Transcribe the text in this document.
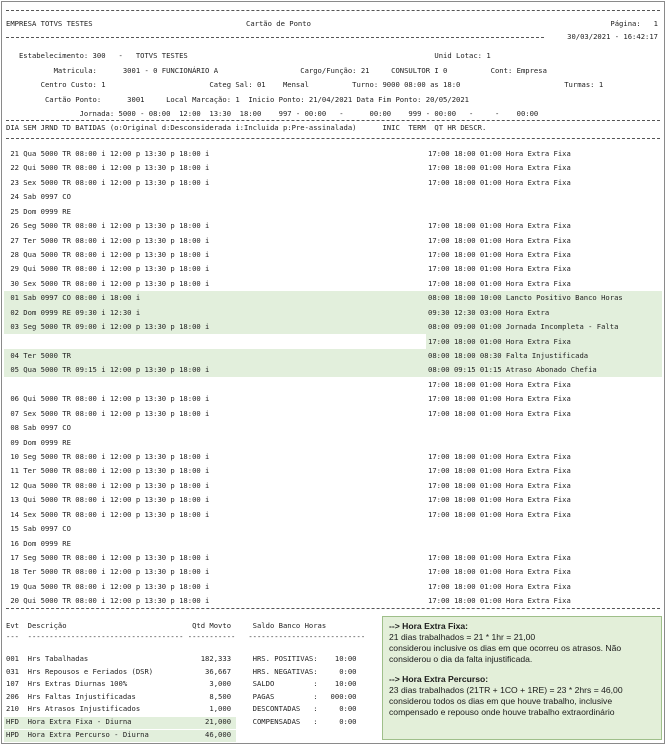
EMPRESA TOTVS TESTES	Cartão de Ponto	Página:   1
30/03/2021 - 16:42:17
Estabelecimento: 300   -   TOTVS TESTES                                                         Unid Lotac: 1
Matricula:      3001 - 0 FUNCIONÁRIO A                   Cargo/Função: 21     CONSULTOR I 0          Cont: Empresa
Centro Custo: 1                        Categ Sal: 01    Mensal          Turno: 9000 08:00 as 18:0                        Turmas: 1
Cartão Ponto:      3001     Local Marcação: 1  Inicio Ponto: 21/04/2021 Data Fim Ponto: 20/05/2021
Jornada: 5000 - 08:00  12:00  13:30  18:00    997 - 00:00   -      00:00    999 - 00:00   -     -    00:00
DIA SEM JRND TD BATIDAS (o:Original d:Desconsiderada i:Incluida p:Pre-assinalada)      INIC  TERM  QT HR DESCR.
21 Qua 5000 TR 08:00 i 12:00 p 13:30 p 18:00 i	17:00 18:00 01:00 Hora Extra Fixa
22 Qui 5000 TR 08:00 i 12:00 p 13:30 p 18:00 i	17:00 18:00 01:00 Hora Extra Fixa
23 Sex 5000 TR 08:00 i 12:00 p 13:30 p 18:00 i	17:00 18:00 01:00 Hora Extra Fixa
24 Sab 0997 CO
25 Dom 0999 RE
26 Seg 5000 TR 08:00 i 12:00 p 13:30 p 18:00 i	17:00 18:00 01:00 Hora Extra Fixa
27 Ter 5000 TR 08:00 i 12:00 p 13:30 p 18:00 i	17:00 18:00 01:00 Hora Extra Fixa
28 Qua 5000 TR 08:00 i 12:00 p 13:30 p 18:00 i	17:00 18:00 01:00 Hora Extra Fixa
29 Qui 5000 TR 08:00 i 12:00 p 13:30 p 18:00 i	17:00 18:00 01:00 Hora Extra Fixa
30 Sex 5000 TR 08:00 i 12:00 p 13:30 p 18:00 i	17:00 18:00 01:00 Hora Extra Fixa
01 Sab 0997 CO 08:00 i 18:00 i	08:00 18:00 10:00 Lancto Positivo Banco Horas
02 Dom 0999 RE 09:30 i 12:30 i	09:30 12:30 03:00 Hora Extra
03 Seg 5000 TR 09:00 i 12:00 p 13:30 p 18:00 i	08:00 09:00 01:00 Jornada Incompleta - Falta
17:00 18:00 01:00 Hora Extra Fixa
04 Ter 5000 TR	08:00 18:00 08:30 Falta Injustificada
05 Qua 5000 TR 09:15 i 12:00 p 13:30 p 18:00 i	08:00 09:15 01:15 Atraso Abonado Chefia
17:00 18:00 01:00 Hora Extra Fixa
06 Qui 5000 TR 08:00 i 12:00 p 13:30 p 18:00 i	17:00 18:00 01:00 Hora Extra Fixa
07 Sex 5000 TR 08:00 i 12:00 p 13:30 p 18:00 i	17:00 18:00 01:00 Hora Extra Fixa
08 Sab 0997 CO
09 Dom 0999 RE
10 Seg 5000 TR 08:00 i 12:00 p 13:30 p 18:00 i	17:00 18:00 01:00 Hora Extra Fixa
11 Ter 5000 TR 08:00 i 12:00 p 13:30 p 18:00 i	17:00 18:00 01:00 Hora Extra Fixa
12 Qua 5000 TR 08:00 i 12:00 p 13:30 p 18:00 i	17:00 18:00 01:00 Hora Extra Fixa
13 Qui 5000 TR 08:00 i 12:00 p 13:30 p 18:00 i	17:00 18:00 01:00 Hora Extra Fixa
14 Sex 5000 TR 08:00 i 12:00 p 13:30 p 18:00 i	17:00 18:00 01:00 Hora Extra Fixa
15 Sab 0997 CO
16 Dom 0999 RE
17 Seg 5000 TR 08:00 i 12:00 p 13:30 p 18:00 i	17:00 18:00 01:00 Hora Extra Fixa
18 Ter 5000 TR 08:00 i 12:00 p 13:30 p 18:00 i	17:00 18:00 01:00 Hora Extra Fixa
19 Qua 5000 TR 08:00 i 12:00 p 13:30 p 18:00 i	17:00 18:00 01:00 Hora Extra Fixa
20 Qui 5000 TR 08:00 i 12:00 p 13:30 p 18:00 i	17:00 18:00 01:00 Hora Extra Fixa
Evt  Descrição                             Qtd Movto     Saldo Banco Horas
---  ------------------------------------ -----------   ---------------------------
001  Hrs Tabalhadas                          182,333     HRS. POSITIVAS:    10:00
031  Hrs Repousos e Feriados (DSR)            36,667     HRS. NEGATIVAS:     0:00
107  Hrs Extras Diurnas 100%                   3,000     SALDO         :    10:00
206  Hrs Faltas Injustificadas                 8,500     PAGAS         :   000:00
210  Hrs Atrasos Injustificados                1,000     DESCONTADAS   :     0:00
HFD  Hora Extra Fixa - Diurna                 21,000     COMPENSADAS   :     0:00
HPD  Hora Extra Percurso - Diurna             46,000

--> Hora Extra Fixa:

21 dias trabalhados = 21 * 1hr = 21,00

considerou inclusive os dias em que ocorreu os atrasos. Não considerou o dia da falta injustificada.

--> Hora Extra Percurso:

23 dias trabalhados (21TR + 1CO + 1RE) = 23 * 2hrs = 46,00

considerou todos os dias em que houve trabalho, inclusive compensado e repouso onde houve trabalho extraordinário
